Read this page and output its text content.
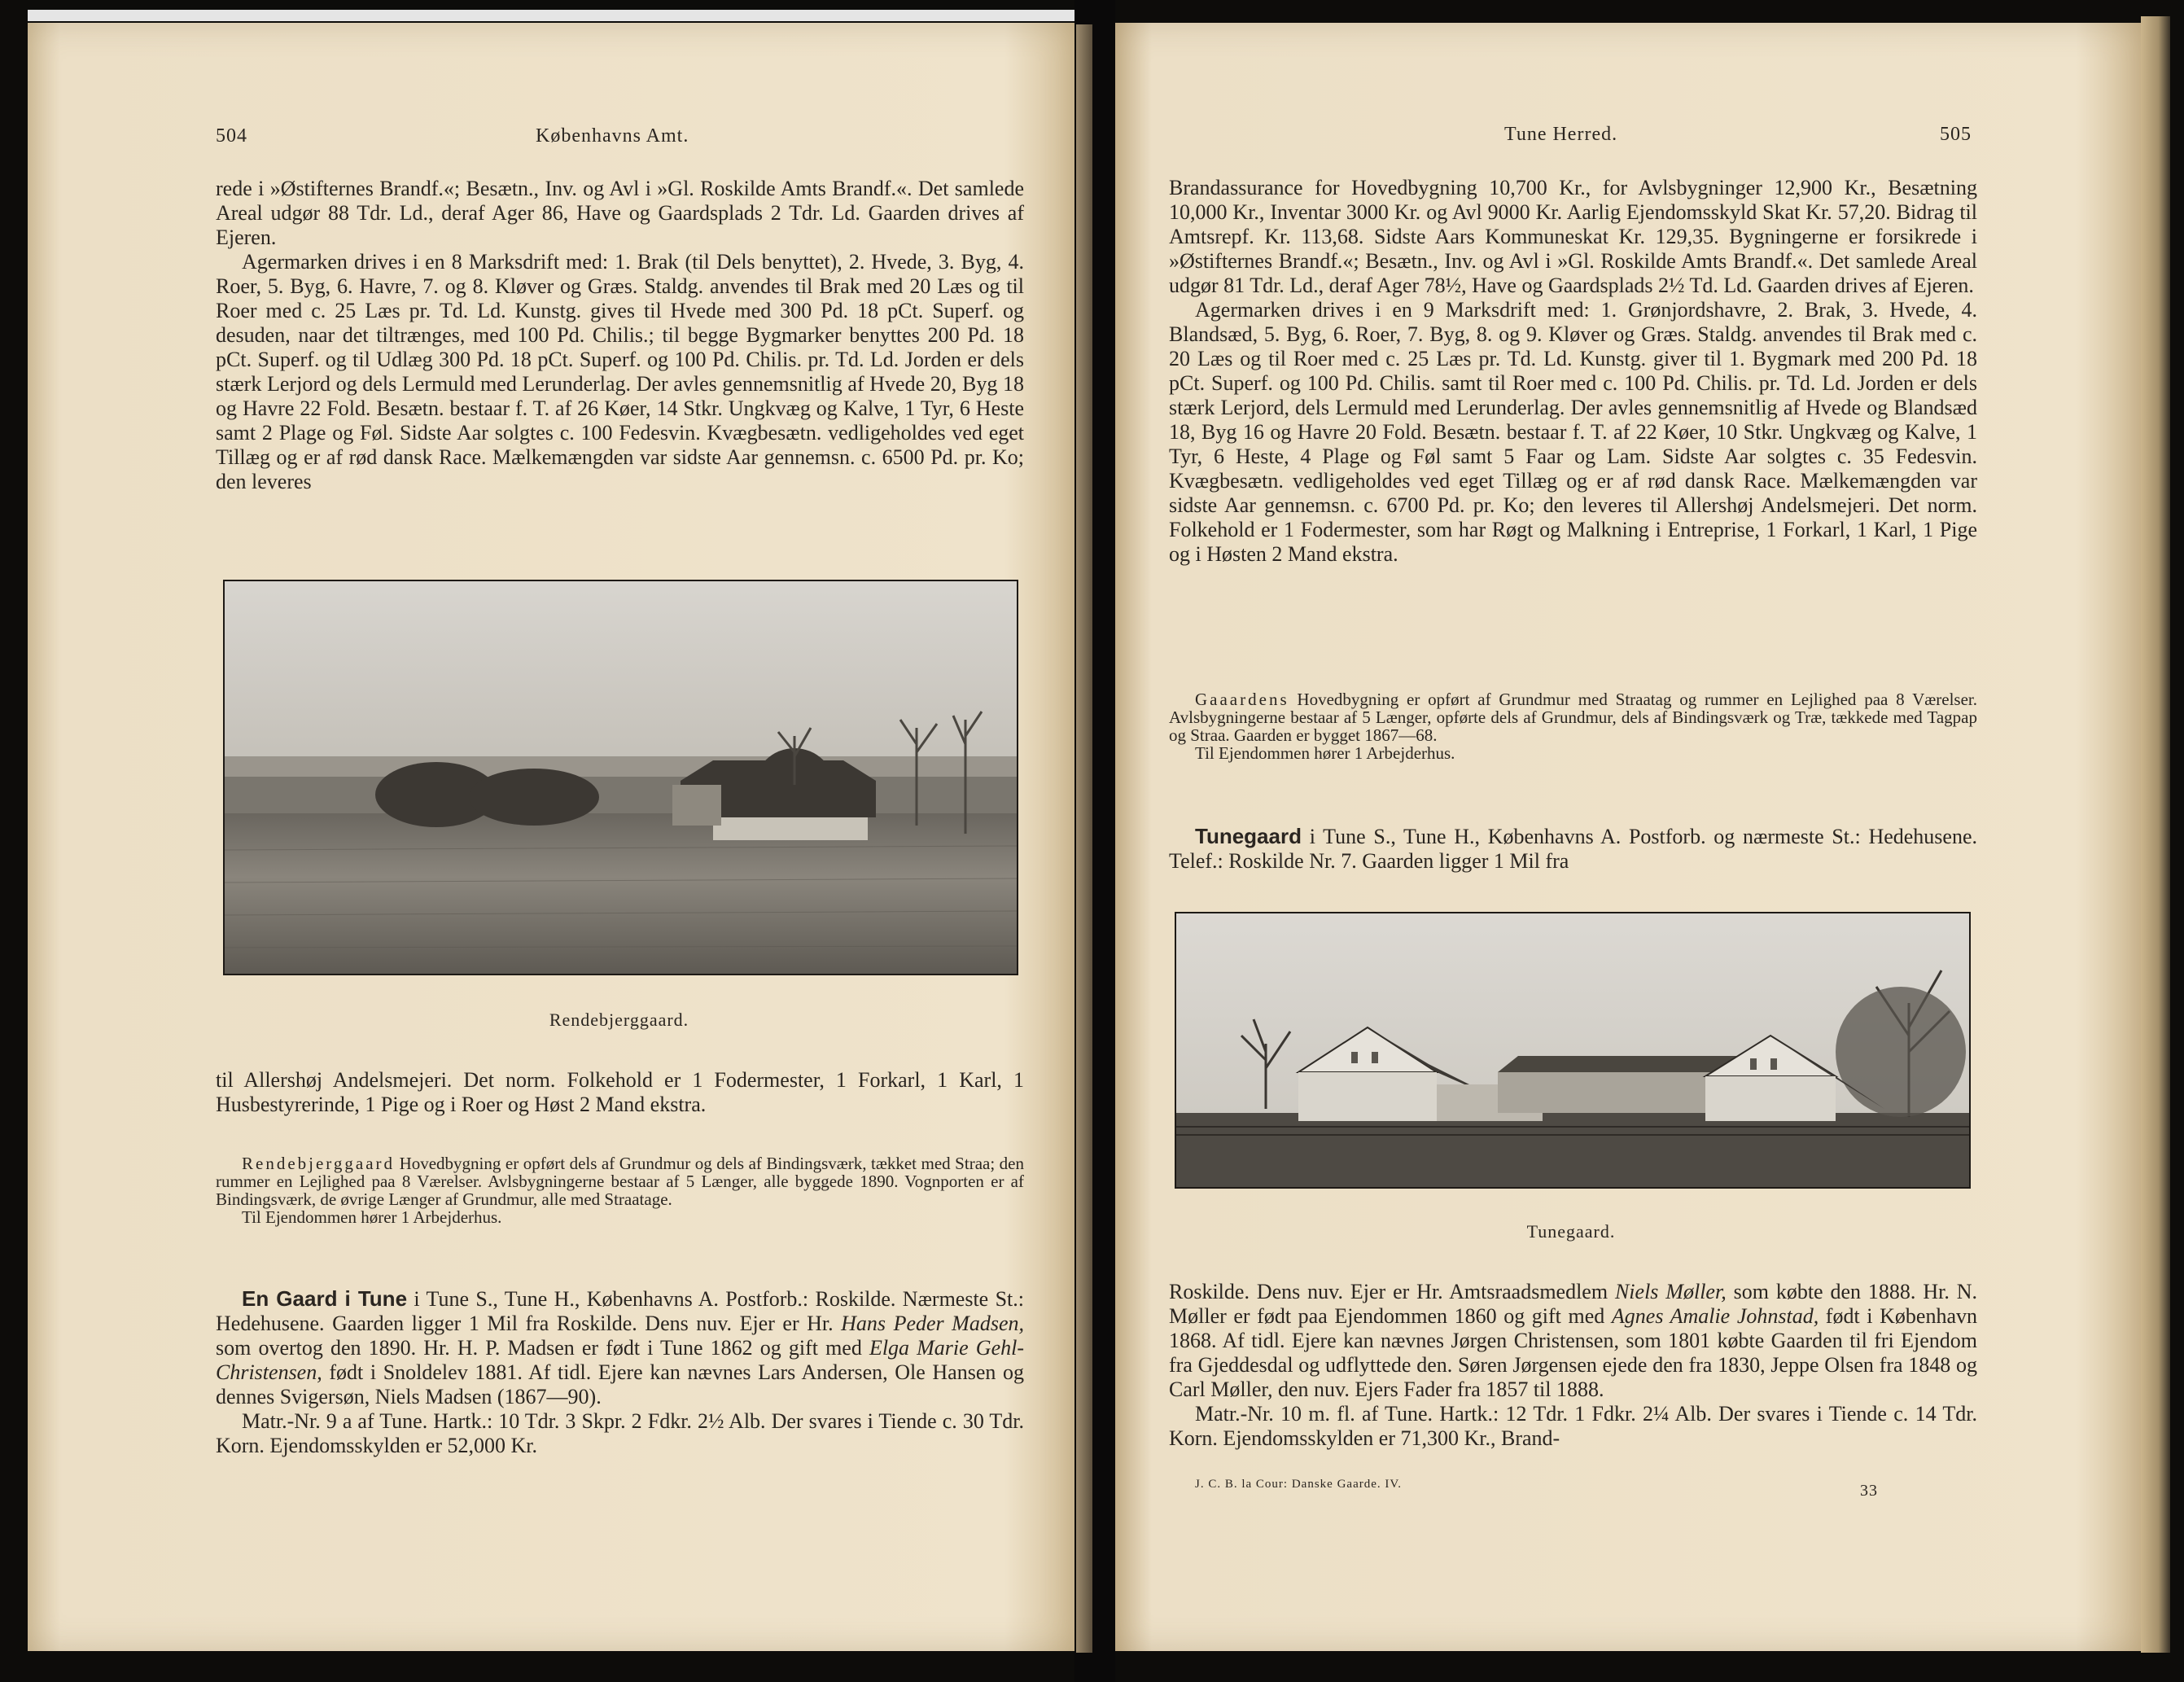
504	Københavns Amt.

rede i »Østifternes Brandf.«; Besætn., Inv. og Avl i »Gl. Roskilde Amts Brandf.«. Det samlede Areal udgør 88 Tdr. Ld., deraf Ager 86, Have og Gaardsplads 2 Tdr. Ld. Gaarden drives af Ejeren.

Agermarken drives i en 8 Marksdrift med: 1. Brak (til Dels benyttet), 2. Hvede, 3. Byg, 4. Roer, 5. Byg, 6. Havre, 7. og 8. Kløver og Græs. Staldg. anvendes til Brak med 20 Læs og til Roer med c. 25 Læs pr. Td. Ld. Kunstg. gives til Hvede med 300 Pd. 18 pCt. Superf. og desuden, naar det tiltrænges, med 100 Pd. Chilis.; til begge Bygmarker benyttes 200 Pd. 18 pCt. Superf. og til Udlæg 300 Pd. 18 pCt. Superf. og 100 Pd. Chilis. pr. Td. Ld. Jorden er dels stærk Lerjord og dels Lermuld med Lerunderlag. Der avles gennemsnitlig af Hvede 20, Byg 18 og Havre 22 Fold. Besætn. bestaar f. T. af 26 Køer, 14 Stkr. Ungkvæg og Kalve, 1 Tyr, 6 Heste samt 2 Plage og Føl. Sidste Aar solgtes c. 100 Fedesvin. Kvægbesætn. vedligeholdes ved eget Tillæg og er af rød dansk Race. Mælkemængden var sidste Aar gennemsn. c. 6500 Pd. pr. Ko; den leveres

Rendebjerggaard.

til Allershøj Andelsmejeri. Det norm. Folkehold er 1 Fodermester, 1 Forkarl, 1 Karl, 1 Husbestyrerinde, 1 Pige og i Roer og Høst 2 Mand ekstra.

Rendebjerggaard Hovedbygning er opført dels af Grundmur og dels af Bindingsværk, tækket med Straa; den rummer en Lejlighed paa 8 Værelser. Avlsbygningerne bestaar af 5 Længer, alle byggede 1890. Vognporten er af Bindingsværk, de øvrige Længer af Grundmur, alle med Straatage.

Til Ejendommen hører 1 Arbejderhus.

En Gaard i Tune i Tune S., Tune H., Københavns A. Postforb.: Roskilde. Nærmeste St.: Hedehusene. Gaarden ligger 1 Mil fra Roskilde. Dens nuv. Ejer er Hr. Hans Peder Madsen, som overtog den 1890. Hr. H. P. Madsen er født i Tune 1862 og gift med Elga Marie Gehl-Christensen, født i Snoldelev 1881. Af tidl. Ejere kan nævnes Lars Andersen, Ole Hansen og dennes Svigersøn, Niels Madsen (1867—90).

Matr.-Nr. 9 a af Tune. Hartk.: 10 Tdr. 3 Skpr. 2 Fdkr. 2½ Alb. Der svares i Tiende c. 30 Tdr. Korn. Ejendomsskylden er 52,000 Kr.

Tune Herred.	505

Brandassurance for Hovedbygning 10,700 Kr., for Avlsbygninger 12,900 Kr., Besætning 10,000 Kr., Inventar 3000 Kr. og Avl 9000 Kr. Aarlig Ejendomsskyld Skat Kr. 57,20. Bidrag til Amtsrepf. Kr. 113,68. Sidste Aars Kommuneskat Kr. 129,35. Bygningerne er forsikrede i »Østifternes Brandf.«; Besætn., Inv. og Avl i »Gl. Roskilde Amts Brandf.«. Det samlede Areal udgør 81 Tdr. Ld., deraf Ager 78½, Have og Gaardsplads 2½ Td. Ld. Gaarden drives af Ejeren.

Agermarken drives i en 9 Marksdrift med: 1. Grønjordshavre, 2. Brak, 3. Hvede, 4. Blandsæd, 5. Byg, 6. Roer, 7. Byg, 8. og 9. Kløver og Græs. Staldg. anvendes til Brak med c. 20 Læs og til Roer med c. 25 Læs pr. Td. Ld. Kunstg. giver til 1. Bygmark med 200 Pd. 18 pCt. Superf. og 100 Pd. Chilis. samt til Roer med c. 100 Pd. Chilis. pr. Td. Ld. Jorden er dels stærk Lerjord, dels Lermuld med Lerunderlag. Der avles gennemsnitlig af Hvede og Blandsæd 18, Byg 16 og Havre 20 Fold. Besætn. bestaar f. T. af 22 Køer, 10 Stkr. Ungkvæg og Kalve, 1 Tyr, 6 Heste, 4 Plage og Føl samt 5 Faar og Lam. Sidste Aar solgtes c. 35 Fedesvin. Kvægbesætn. vedligeholdes ved eget Tillæg og er af rød dansk Race. Mælkemængden var sidste Aar gennemsn. c. 6700 Pd. pr. Ko; den leveres til Allershøj Andelsmejeri. Det norm. Folkehold er 1 Fodermester, som har Røgt og Malkning i Entreprise, 1 Forkarl, 1 Karl, 1 Pige og i Høsten 2 Mand ekstra.

Gaaardens Hovedbygning er opført af Grundmur med Straatag og rummer en Lejlighed paa 8 Værelser. Avlsbygningerne bestaar af 5 Længer, opførte dels af Grundmur, dels af Bindingsværk og Træ, tækkede med Tagpap og Straa. Gaarden er bygget 1867—68.

Til Ejendommen hører 1 Arbejderhus.

Tunegaard i Tune S., Tune H., Københavns A. Postforb. og nærmeste St.: Hedehusene. Telef.: Roskilde Nr. 7. Gaarden ligger 1 Mil fra

Tunegaard.

Roskilde. Dens nuv. Ejer er Hr. Amtsraadsmedlem Niels Møller, som købte den 1888. Hr. N. Møller er født paa Ejendommen 1860 og gift med Agnes Amalie Johnstad, født i København 1868. Af tidl. Ejere kan nævnes Jørgen Christensen, som 1801 købte Gaarden til fri Ejendom fra Gjeddesdal og udflyttede den. Søren Jørgensen ejede den fra 1830, Jeppe Olsen fra 1848 og Carl Møller, den nuv. Ejers Fader fra 1857 til 1888.

Matr.-Nr. 10 m. fl. af Tune. Hartk.: 12 Tdr. 1 Fdkr. 2¼ Alb. Der svares i Tiende c. 14 Tdr. Korn. Ejendomsskylden er 71,300 Kr., Brand-

J. C. B. la Cour: Danske Gaarde. IV.	33
